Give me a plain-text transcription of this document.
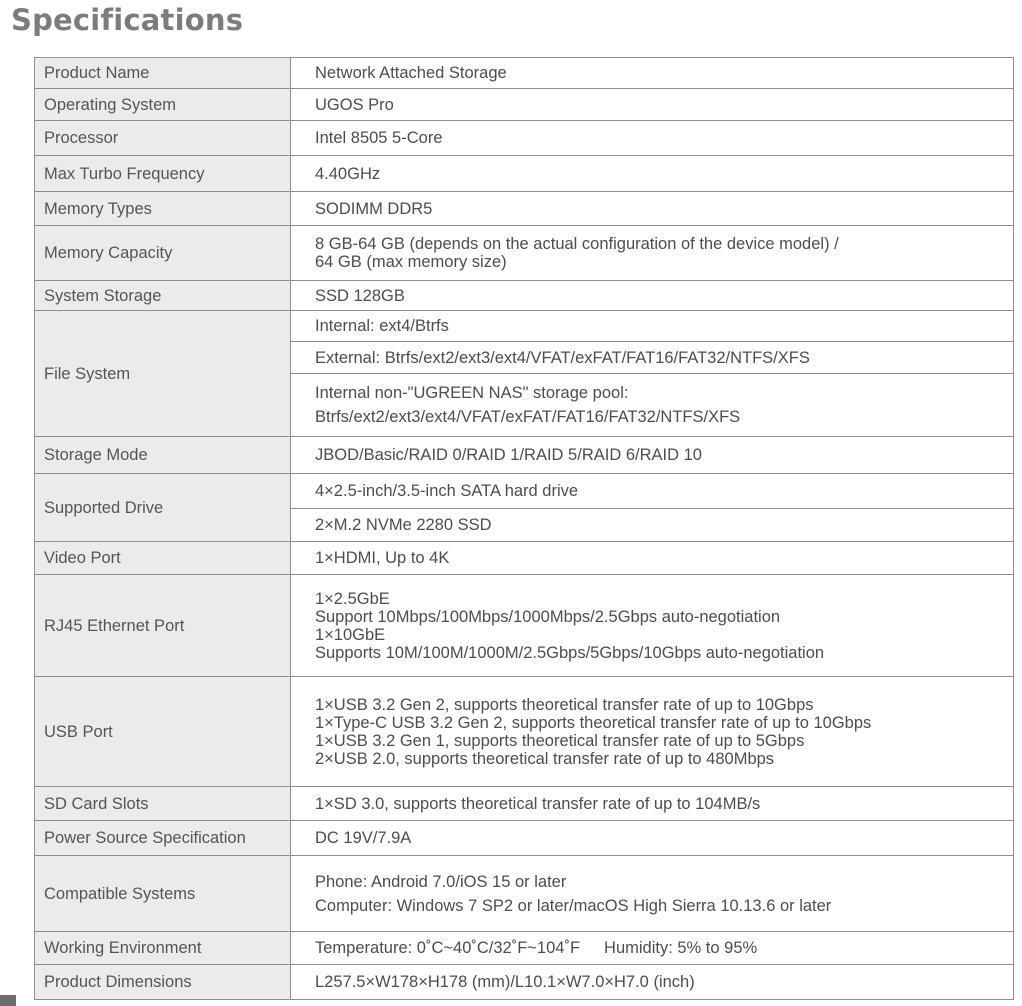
Specifications
Product Name	Network Attached Storage
Operating System	UGOS Pro
Processor	Intel 8505 5-Core
Max Turbo Frequency	4.40GHz
Memory Types	SODIMM DDR5
Memory Capacity	8 GB-64 GB (depends on the actual configuration of the device model) /
64 GB (max memory size)

System Storage	SSD 128GB
File System	Internal: ext4/Btrfs
	External: Btrfs/ext2/ext3/ext4/VFAT/exFAT/FAT16/FAT32/NTFS/XFS

	Internal non-"UGREEN NAS" storage pool:
Btrfs/ext2/ext3/ext4/VFAT/exFAT/FAT16/FAT32/NTFS/XFS

Storage Mode	JBOD/Basic/RAID 0/RAID 1/RAID 5/RAID 6/RAID 10
Supported Drive	4×2.5-inch/3.5-inch SATA hard drive
	2×M.2 NVMe 2280 SSD
Video Port	1×HDMI, Up to 4K
RJ45 Ethernet Port	1×2.5GbE
Support 10Mbps/100Mbps/1000Mbps/2.5Gbps auto-negotiation
1×10GbE
Supports 10M/100M/1000M/2.5Gbps/5Gbps/10Gbps auto-negotiation

USB Port	1×USB 3.2 Gen 2, supports theoretical transfer rate of up to 10Gbps
1×Type-C USB 3.2 Gen 2, supports theoretical transfer rate of up to 10Gbps
1×USB 3.2 Gen 1, supports theoretical transfer rate of up to 5Gbps
2×USB 2.0, supports theoretical transfer rate of up to 480Mbps

SD Card Slots	1×SD 3.0, supports theoretical transfer rate of up to 104MB/s
Power Source Specification	DC 19V/7.9A
Compatible Systems	Phone: Android 7.0/iOS 15 or later
Computer: Windows 7 SP2 or later/macOS High Sierra 10.13.6 or later

Working Environment	Temperature: 0˚C~40˚C/32˚F~104˚F Humidity: 5% to 95%
Product Dimensions	L257.5×W178×H178 (mm)/L10.1×W7.0×H7.0 (inch)
